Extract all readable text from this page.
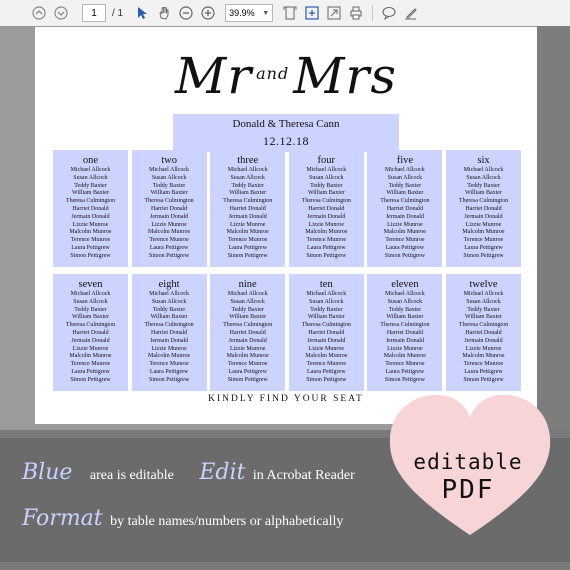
1	/ 1	39.9% ▼
Mr $^{and}$Mrs
Donald & Theresa Cann
12.12.18
one
Michael Allcock
Susan Allcock
Teddy Baxter
William Baxter
Theresa Culmington
Harriet Donald
Jermain Donald
Lizzie Munroe
Malcolm Munroe
Terence Munroe
Laura Pettigrew
Simon Pettigrew
two
Michael Allcock
Susan Allcock
Teddy Baxter
William Baxter
Theresa Culmington
Harriet Donald
Jermain Donald
Lizzie Munroe
Malcolm Munroe
Terence Munroe
Laura Pettigrew
Simon Pettigrew
three
Michael Allcock
Susan Allcock
Teddy Baxter
William Baxter
Theresa Culmington
Harriet Donald
Jermain Donald
Lizzie Munroe
Malcolm Munroe
Terence Munroe
Laura Pettigrew
Simon Pettigrew
four
Michael Allcock
Susan Allcock
Teddy Baxter
William Baxter
Theresa Culmington
Harriet Donald
Jermain Donald
Lizzie Munroe
Malcolm Munroe
Terence Munroe
Laura Pettigrew
Simon Pettigrew
five
Michael Allcock
Susan Allcock
Teddy Baxter
William Baxter
Theresa Culmington
Harriet Donald
Jermain Donald
Lizzie Munroe
Malcolm Munroe
Terence Munroe
Laura Pettigrew
Simon Pettigrew
six
Michael Allcock
Susan Allcock
Teddy Baxter
William Baxter
Theresa Culmington
Harriet Donald
Jermain Donald
Lizzie Munroe
Malcolm Munroe
Terence Munroe
Laura Pettigrew
Simon Pettigrew
seven
Michael Allcock
Susan Allcock
Teddy Baxter
William Baxter
Theresa Culmington
Harriet Donald
Jermain Donald
Lizzie Munroe
Malcolm Munroe
Terence Munroe
Laura Pettigrew
Simon Pettigrew
eight
Michael Allcock
Susan Allcock
Teddy Baxter
William Baxter
Theresa Culmington
Harriet Donald
Jermain Donald
Lizzie Munroe
Malcolm Munroe
Terence Munroe
Laura Pettigrew
Simon Pettigrew
nine
Michael Allcock
Susan Allcock
Teddy Baxter
William Baxter
Theresa Culmington
Harriet Donald
Jermain Donald
Lizzie Munroe
Malcolm Munroe
Terence Munroe
Laura Pettigrew
Simon Pettigrew
ten
Michael Allcock
Susan Allcock
Teddy Baxter
William Baxter
Theresa Culmington
Harriet Donald
Jermain Donald
Lizzie Munroe
Malcolm Munroe
Terence Munroe
Laura Pettigrew
Simon Pettigrew
eleven
Michael Allcock
Susan Allcock
Teddy Baxter
William Baxter
Theresa Culmington
Harriet Donald
Jermain Donald
Lizzie Munroe
Malcolm Munroe
Terence Munroe
Laura Pettigrew
Simon Pettigrew
twelve
Michael Allcock
Susan Allcock
Teddy Baxter
William Baxter
Theresa Culmington
Harriet Donald
Jermain Donald
Lizzie Munroe
Malcolm Munroe
Terence Munroe
Laura Pettigrew
Simon Pettigrew
KINDLY FIND YOUR SEAT
Blue area is editable Edit in Acrobat Reader
Format by table names/numbers or alphabetically
editable
PDF
